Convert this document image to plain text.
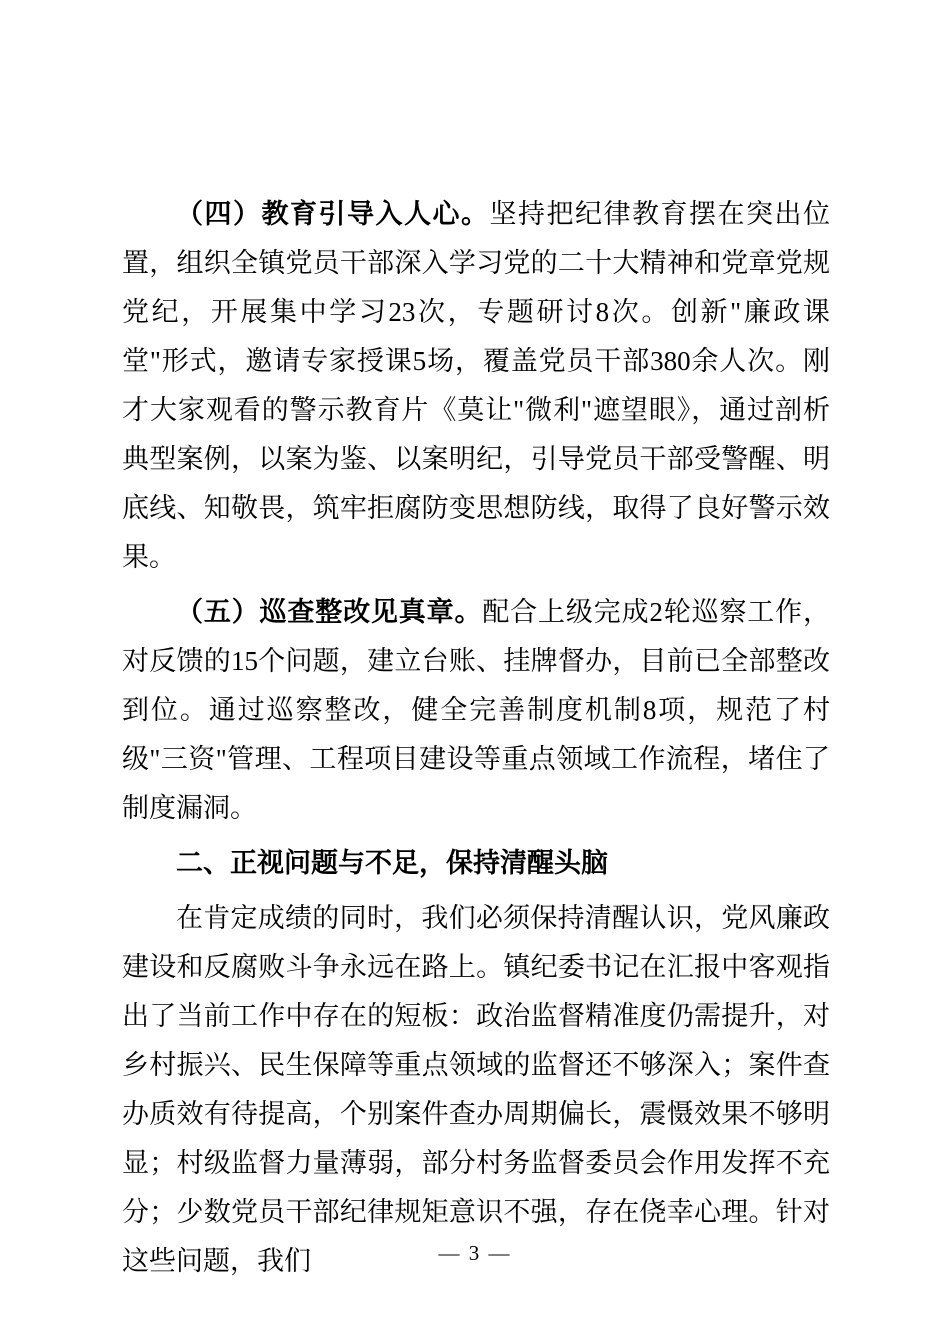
（四）教育引导入人心。坚持把纪律教育摆在突出位置，组织全镇党员干部深入学习党的二十大精神和党章党规党纪，开展集中学习23次，专题研讨8次。创新"廉政课堂"形式，邀请专家授课5场，覆盖党员干部380余人次。刚才大家观看的警示教育片《莫让"微利"遮望眼》，通过剖析典型案例，以案为鉴、以案明纪，引导党员干部受警醒、明底线、知敬畏，筑牢拒腐防变思想防线，取得了良好警示效果。

（五）巡查整改见真章。配合上级完成2轮巡察工作，对反馈的15个问题，建立台账、挂牌督办，目前已全部整改到位。通过巡察整改，健全完善制度机制8项，规范了村级"三资"管理、工程项目建设等重点领域工作流程，堵住了制度漏洞。

二、正视问题与不足，保持清醒头脑

在肯定成绩的同时，我们必须保持清醒认识，党风廉政建设和反腐败斗争永远在路上。镇纪委书记在汇报中客观指出了当前工作中存在的短板：政治监督精准度仍需提升，对乡村振兴、民生保障等重点领域的监督还不够深入；案件查办质效有待提高，个别案件查办周期偏长，震慑效果不够明显；村级监督力量薄弱，部分村务监督委员会作用发挥不充分；少数党员干部纪律规矩意识不强，存在侥幸心理。针对这些问题，我们	— 3 —
